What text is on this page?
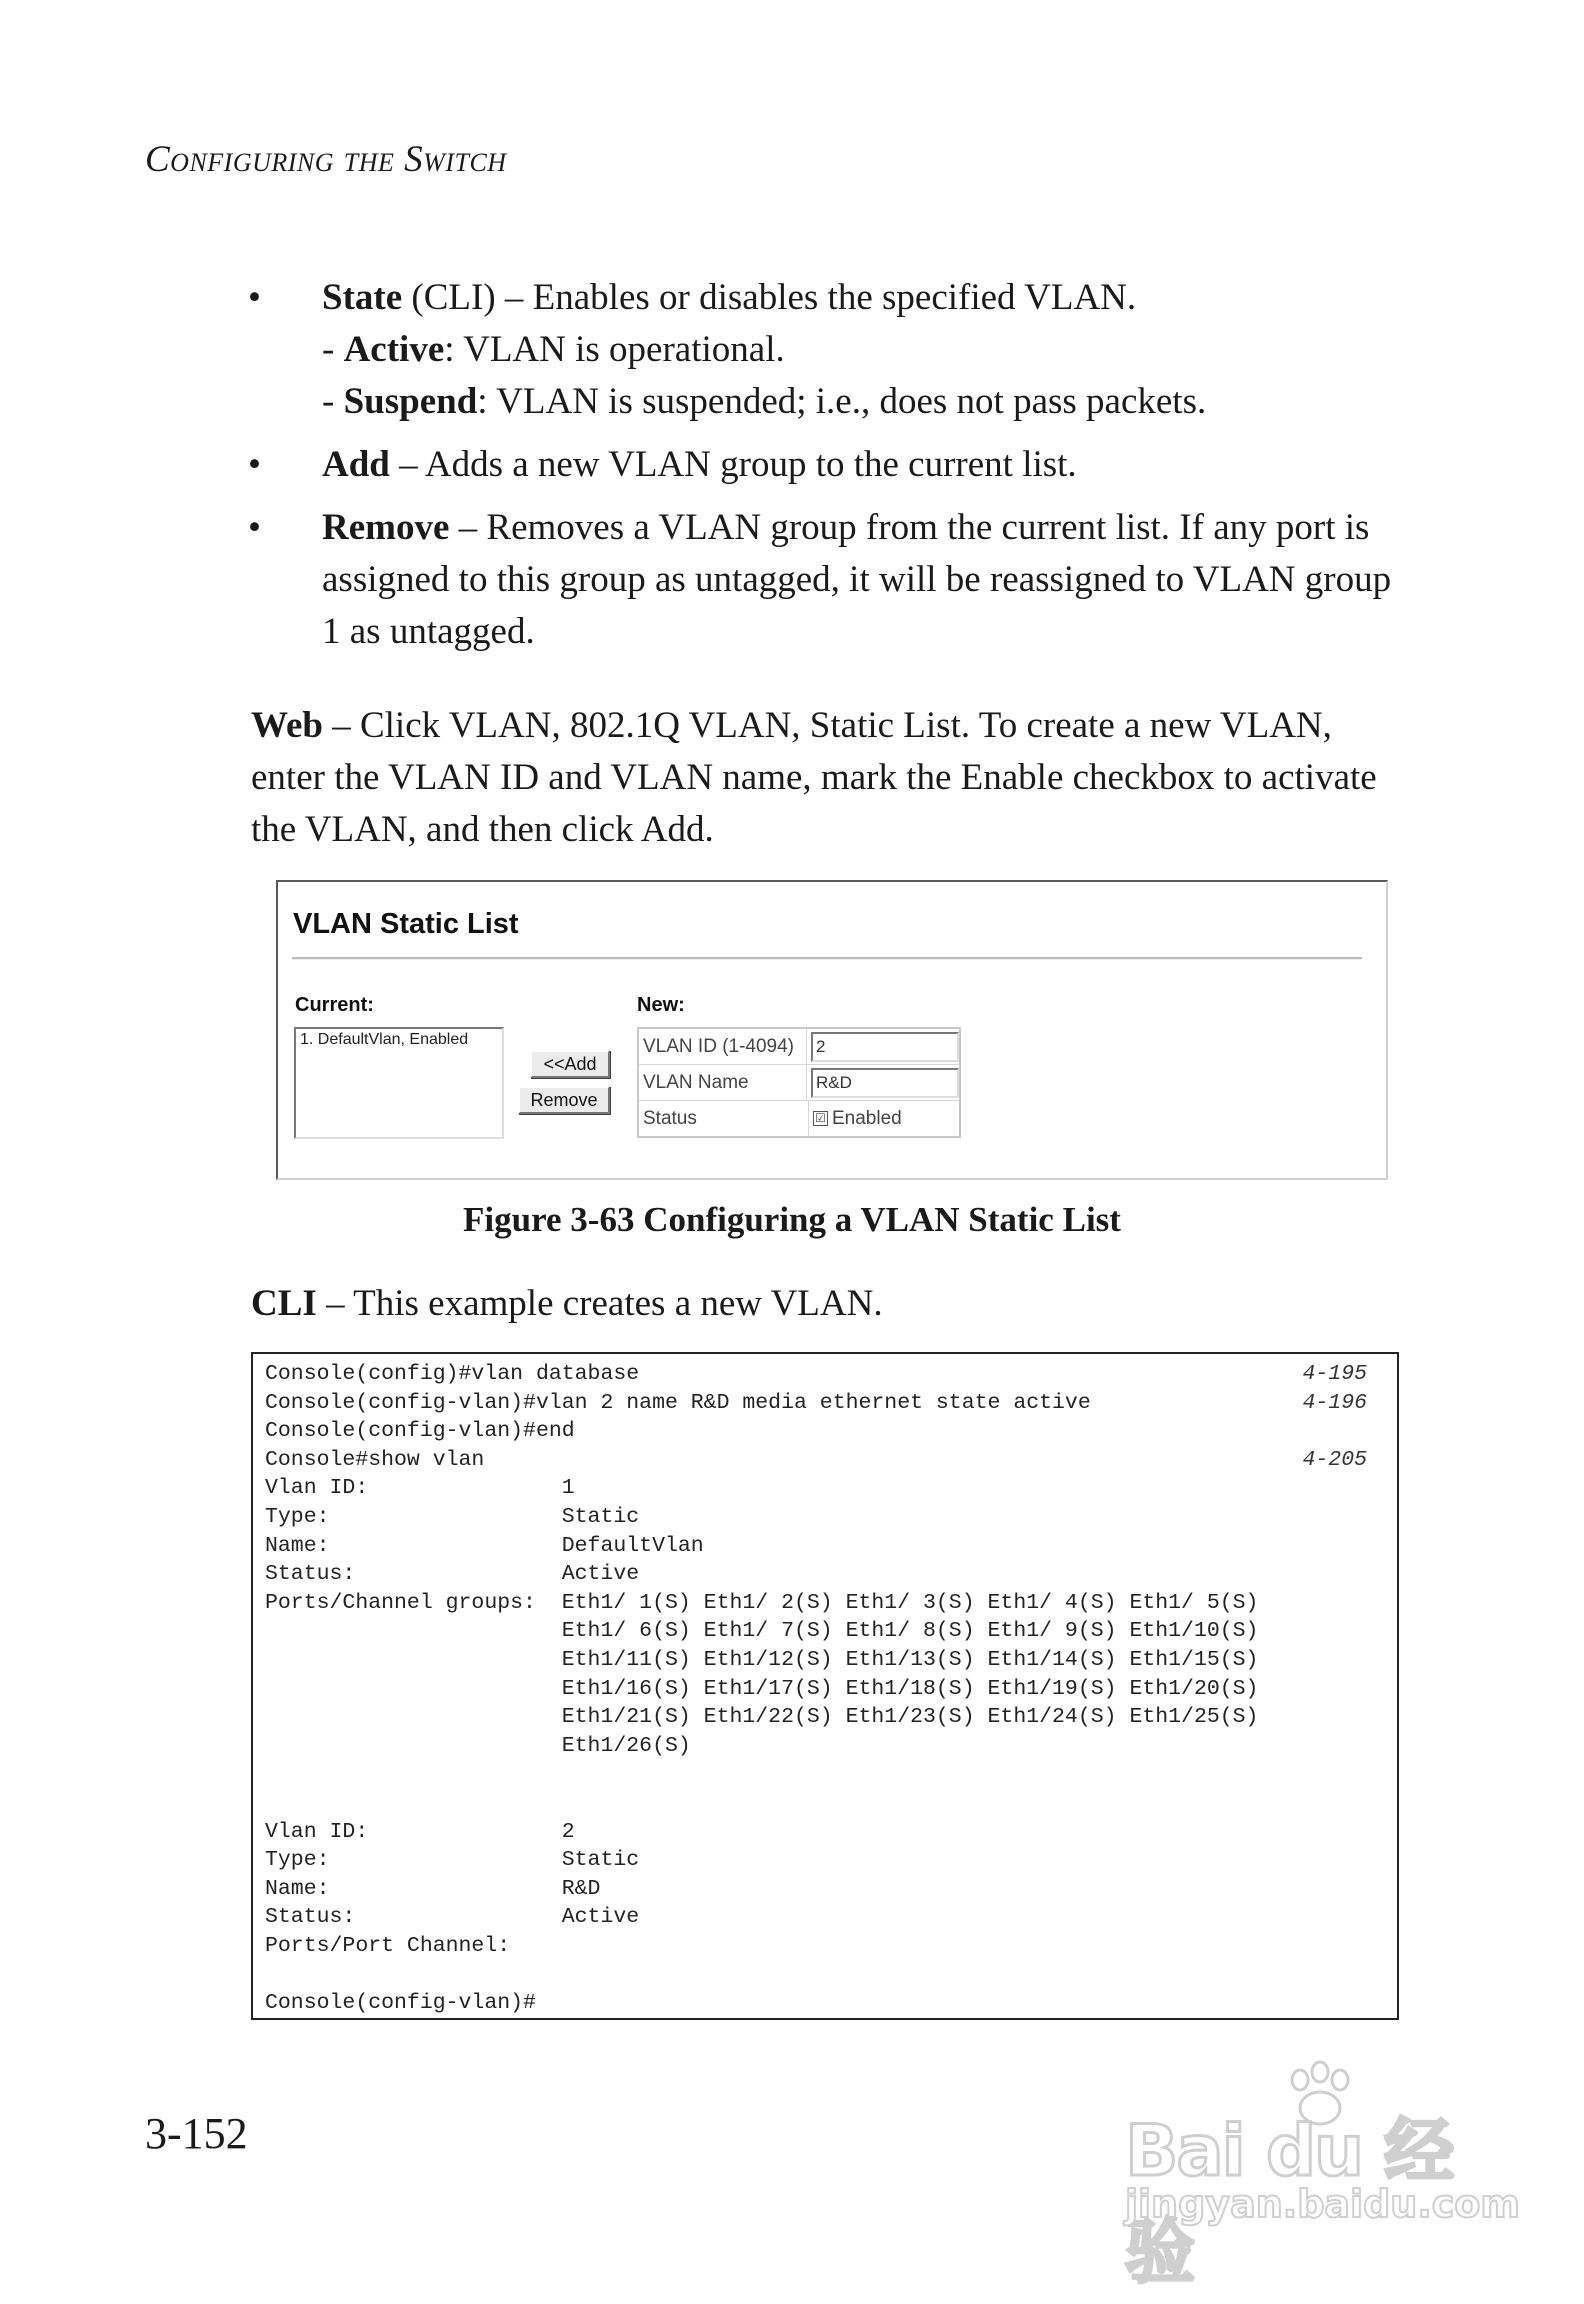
Configuring the Switch
• State (CLI) – Enables or disables the specified VLAN.
- Active: VLAN is operational.
- Suspend: VLAN is suspended; i.e., does not pass packets.
• Add – Adds a new VLAN group to the current list.
• Remove – Removes a VLAN group from the current list. If any port is assigned to this group as untagged, it will be reassigned to VLAN group 1 as untagged.
Web – Click VLAN, 802.1Q VLAN, Static List. To create a new VLAN, enter the VLAN ID and VLAN name, mark the Enable checkbox to activate the VLAN, and then click Add.
VLAN Static List
Current:	New:
1. DefaultVlan, Enabled
<<Add
Remove
VLAN ID (1-4094)	2
VLAN Name	R&D
Status	☑ Enabled
Figure 3-63 Configuring a VLAN Static List
CLI – This example creates a new VLAN.
Console(config)#vlan database	4-195
Console(config-vlan)#vlan 2 name R&D media ethernet state active	4-196
Console(config-vlan)#end
Console#show vlan	4-205
Vlan ID:               1
Type:                  Static
Name:                  DefaultVlan
Status:                Active
Ports/Channel groups:  Eth1/ 1(S) Eth1/ 2(S) Eth1/ 3(S) Eth1/ 4(S) Eth1/ 5(S)
Eth1/ 6(S) Eth1/ 7(S) Eth1/ 8(S) Eth1/ 9(S) Eth1/10(S)
Eth1/11(S) Eth1/12(S) Eth1/13(S) Eth1/14(S) Eth1/15(S)
Eth1/16(S) Eth1/17(S) Eth1/18(S) Eth1/19(S) Eth1/20(S)
Eth1/21(S) Eth1/22(S) Eth1/23(S) Eth1/24(S) Eth1/25(S)
Eth1/26(S)
Vlan ID:               2
Type:                  Static
Name:                  R&D
Status:                Active
Ports/Port Channel:
Console(config-vlan)#
3-152	Bai du 经验
jingyan.baidu.com
